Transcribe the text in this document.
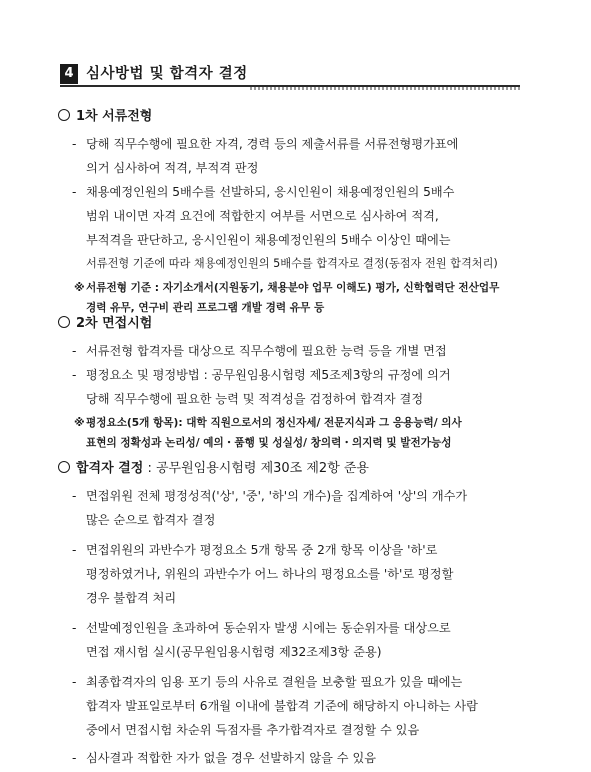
4 심사방법 및 합격자 결정
1차 서류전형
- 당해 직무수행에 필요한 자격, 경력 등의 제출서류를 서류전형평가표에
의거 심사하여 적격, 부적격 판정
- 채용예정인원의 5배수를 선발하되, 응시인원이 채용예정인원의 5배수
범위 내이면 자격 요건에 적합한지 여부를 서면으로 심사하여 적격,
부적격을 판단하고, 응시인원이 채용예정인원의 5배수 이상인 때에는
서류전형 기준에 따라 채용예정인원의 5배수를 합격자로 결정(동점자 전원 합격처리)
※ 서류전형 기준 : 자기소개서(지원동기, 채용분야 업무 이해도) 평가, 신학협력단 전산업무
경력 유무, 연구비 관리 프로그램 개발 경력 유무 등
2차 면접시험
- 서류전형 합격자를 대상으로 직무수행에 필요한 능력 등을 개별 면접
- 평정요소 및 평정방법 : 공무원임용시험령 제5조제3항의 규정에 의거
당해 직무수행에 필요한 능력 및 적격성을 검정하여 합격자 결정
※ 평정요소(5개 항목): 대학 직원으로서의 정신자세/ 전문지식과 그 응용능력/ 의사
표현의 정확성과 논리성/ 예의・품행 및 성실성/ 창의력・의지력 및 발전가능성
합격자 결정 : 공무원임용시험령 제30조 제2항 준용
- 면접위원 전체 평정성적('상', '중', '하'의 개수)을 집계하여 '상'의 개수가
많은 순으로 합격자 결정
- 면접위원의 과반수가 평정요소 5개 항목 중 2개 항목 이상을 '하'로
평정하였거나, 위원의 과반수가 어느 하나의 평정요소를 '하'로 평정할
경우 불합격 처리
- 선발예정인원을 초과하여 동순위자 발생 시에는 동순위자를 대상으로
면접 재시험 실시(공무원임용시험령 제32조제3항 준용)
- 최종합격자의 임용 포기 등의 사유로 결원을 보충할 필요가 있을 때에는
합격자 발표일로부터 6개월 이내에 불합격 기준에 해당하지 아니하는 사람
중에서 면접시험 차순위 득점자를 추가합격자로 결정할 수 있음
- 심사결과 적합한 자가 없을 경우 선발하지 않을 수 있음
